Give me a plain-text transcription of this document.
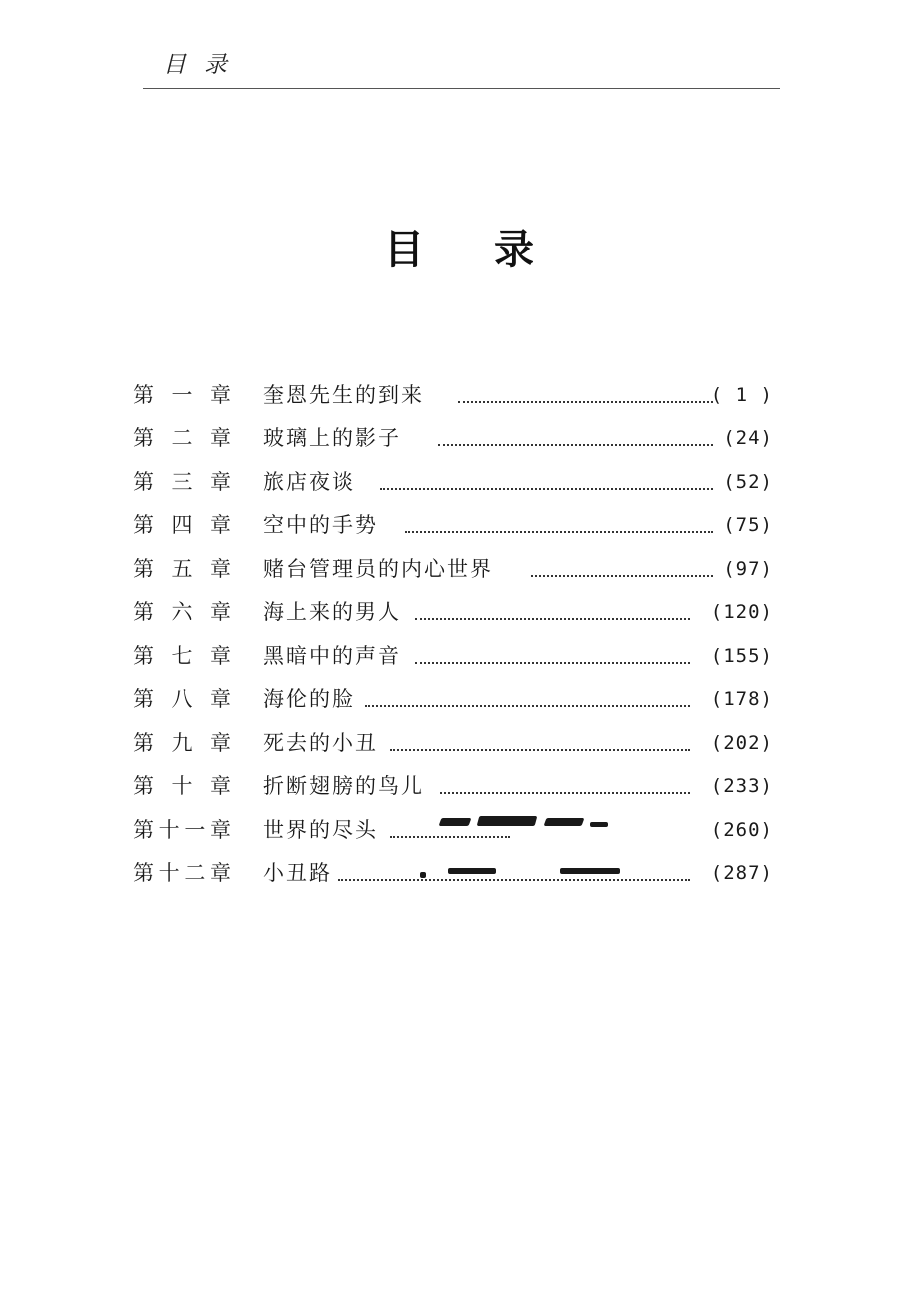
目录
目录
第一章 奎恩先生的到来	( 1 )
第二章 玻璃上的影子	(24)
第三章 旅店夜谈	(52)
第四章 空中的手势	(75)
第五章 赌台管理员的内心世界	(97)
第六章 海上来的男人	(120)
第七章 黑暗中的声音	(155)
第八章 海伦的脸	(178)
第九章 死去的小丑	(202)
第十章 折断翅膀的鸟儿	(233)
第十一章 世界的尽头	(260)
第十二章 小丑路	(287)
